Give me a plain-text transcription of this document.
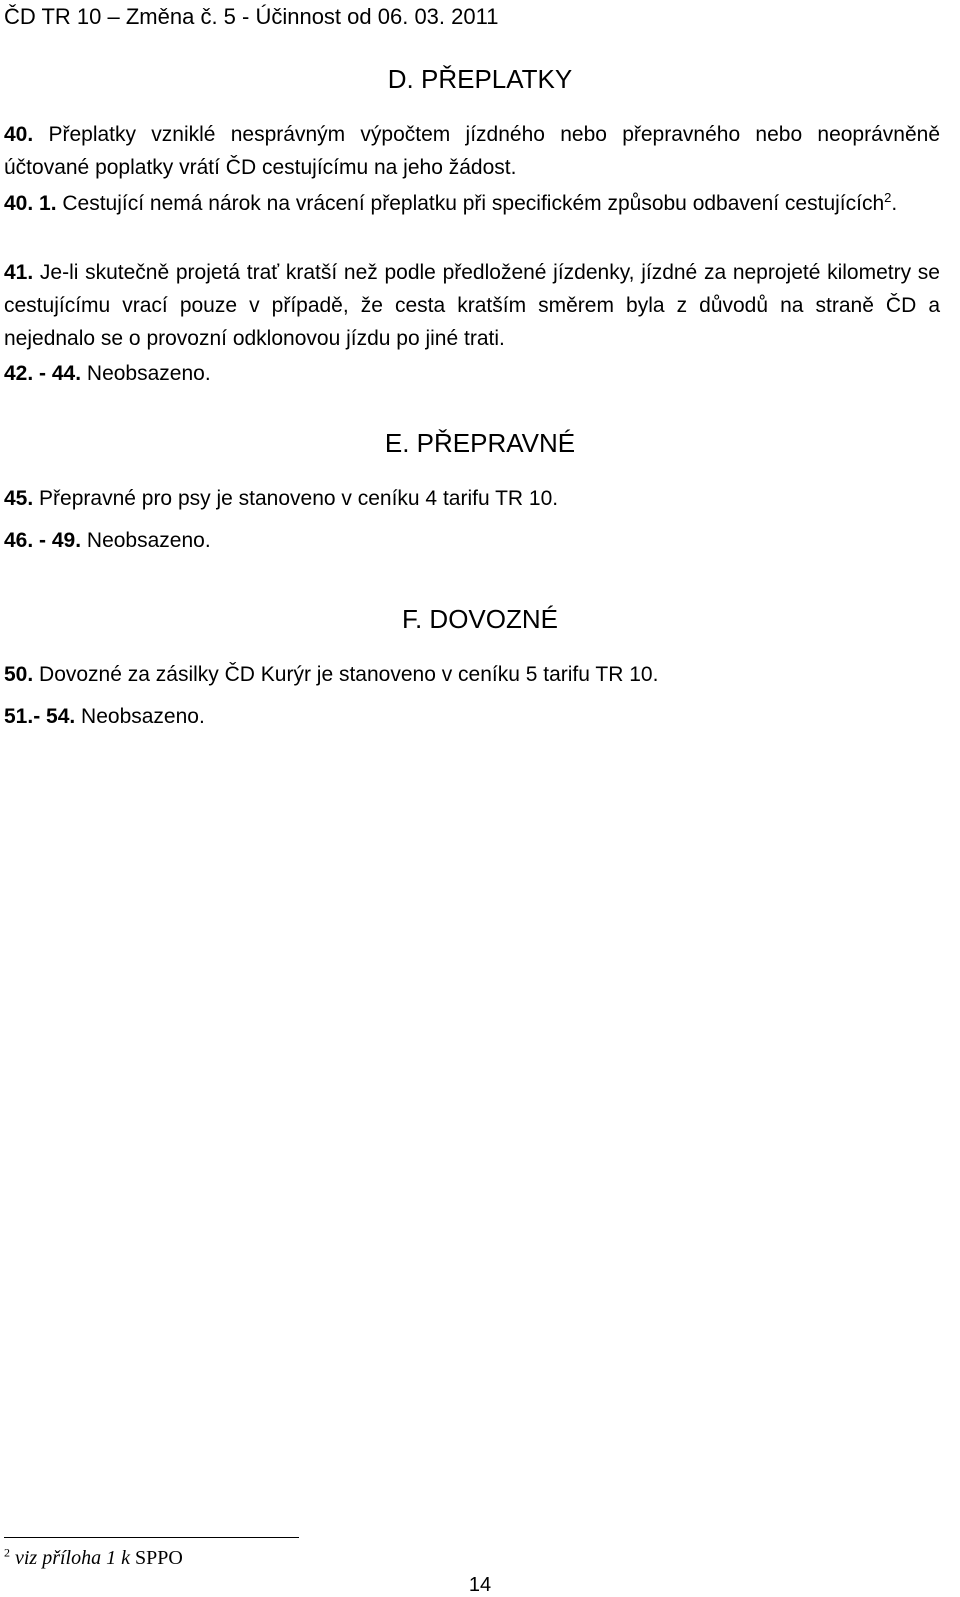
ČD TR 10 – Změna č. 5 - Účinnost od 06. 03. 2011
D. PŘEPLATKY

40. Přeplatky vzniklé nesprávným výpočtem jízdného nebo přepravného nebo neoprávněně účtované poplatky vrátí ČD cestujícímu na jeho žádost.

40. 1. Cestující nemá nárok na vrácení přeplatku při specifickém způsobu odbavení cestujících$^2$.

41. Je-li skutečně projetá trať kratší než podle předložené jízdenky, jízdné za neprojeté kilometry se cestujícímu vrací pouze v případě, že cesta kratším směrem byla z důvodů na straně ČD a nejednalo se o provozní odklonovou jízdu po jiné trati.

42. - 44. Neobsazeno.

E. PŘEPRAVNÉ

45. Přepravné pro psy je stanoveno v ceníku 4 tarifu TR 10.

46. - 49. Neobsazeno.

F. DOVOZNÉ

50. Dovozné za zásilky ČD Kurýr je stanoveno v ceníku 5 tarifu TR 10.

51.- 54. Neobsazeno.

$^2$ viz příloha 1 k SPPO
14
